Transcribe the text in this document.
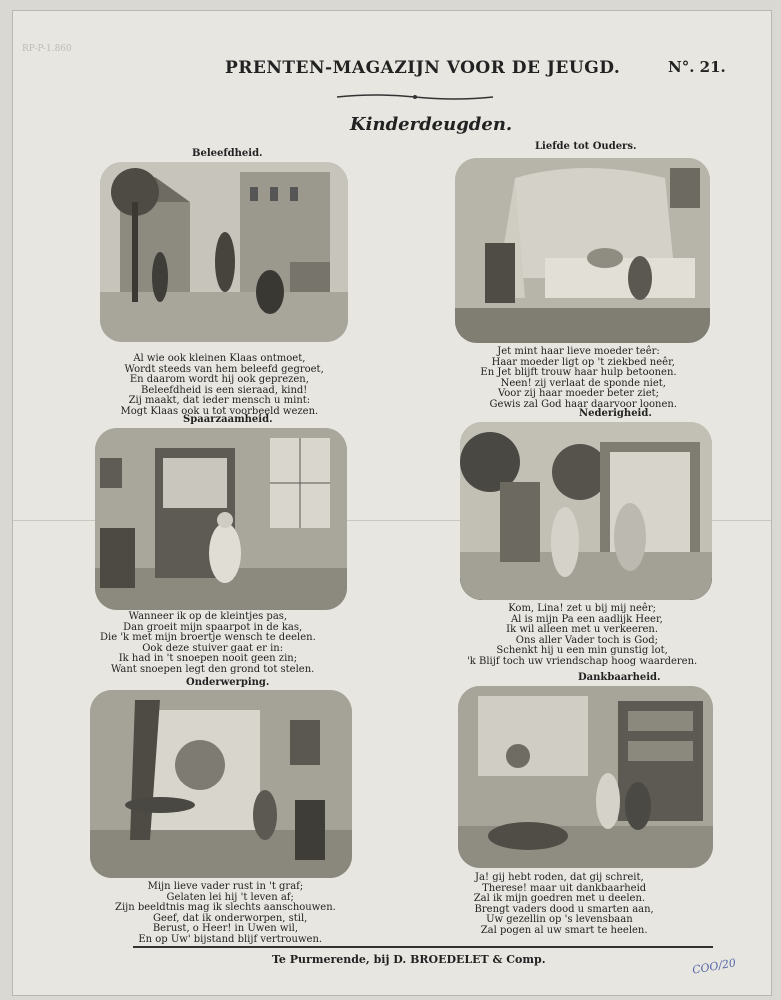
RP-P-1.860
PRENTEN-MAGAZIJN VOOR DE JEUGD.	N°. 21.
Kinderdeugden.
Beleefdheid.
Al wie ook kleinen Klaas ontmoet,
Wordt steeds van hem beleefd gegroet,
En daarom wordt hij ook geprezen,
Beleefdheid is een sieraad, kind!
Zij maakt, dat ieder mensch u mint:
Mogt Klaas ook u tot voorbeeld wezen.
Liefde tot Ouders.
Jet mint haar lieve moeder teêr:
Haar moeder ligt op 't ziekbed neêr,
En Jet blijft trouw haar hulp betoonen.
Neen! zij verlaat de sponde niet,
Voor zij haar moeder beter ziet;
Gewis zal God haar daarvoor loonen.
Spaarzaamheid.
Wanneer ik op de kleintjes pas,
Dan groeit mijn spaarpot in de kas,
Die 'k met mijn broertje wensch te deelen.
Ook deze stuiver gaat er in:
Ik had in 't snoepen nooit geen zin;
Want snoepen legt den grond tot stelen.
Nederigheid.
Kom, Lina! zet u bij mij neêr;
Al is mijn Pa een aadlijk Heer,
Ik wil alleen met u verkeeren.
Ons aller Vader toch is God;
Schenkt hij u een min gunstig lot,
'k Blijf toch uw vriendschap hoog waarderen.
Onderwerping.
Mijn lieve vader rust in 't graf;
Gelaten lei hij 't leven af;
Zijn beeldtnis mag ik slechts aanschouwen.
Geef, dat ik onderworpen, stil,
Berust, o Heer! in Uwen wil,
En op Uw' bijstand blijf vertrouwen.
Dankbaarheid.
Ja! gij hebt roden, dat gij schreit,
Therese! maar uit dankbaarheid
Zal ik mijn goedren met u deelen.
Brengt vaders dood u smarten aan,
Uw gezellin op 's levensbaan
Zal pogen al uw smart te heelen.
Te Purmerende, bij D. BROEDELET & Comp.	COO/20
